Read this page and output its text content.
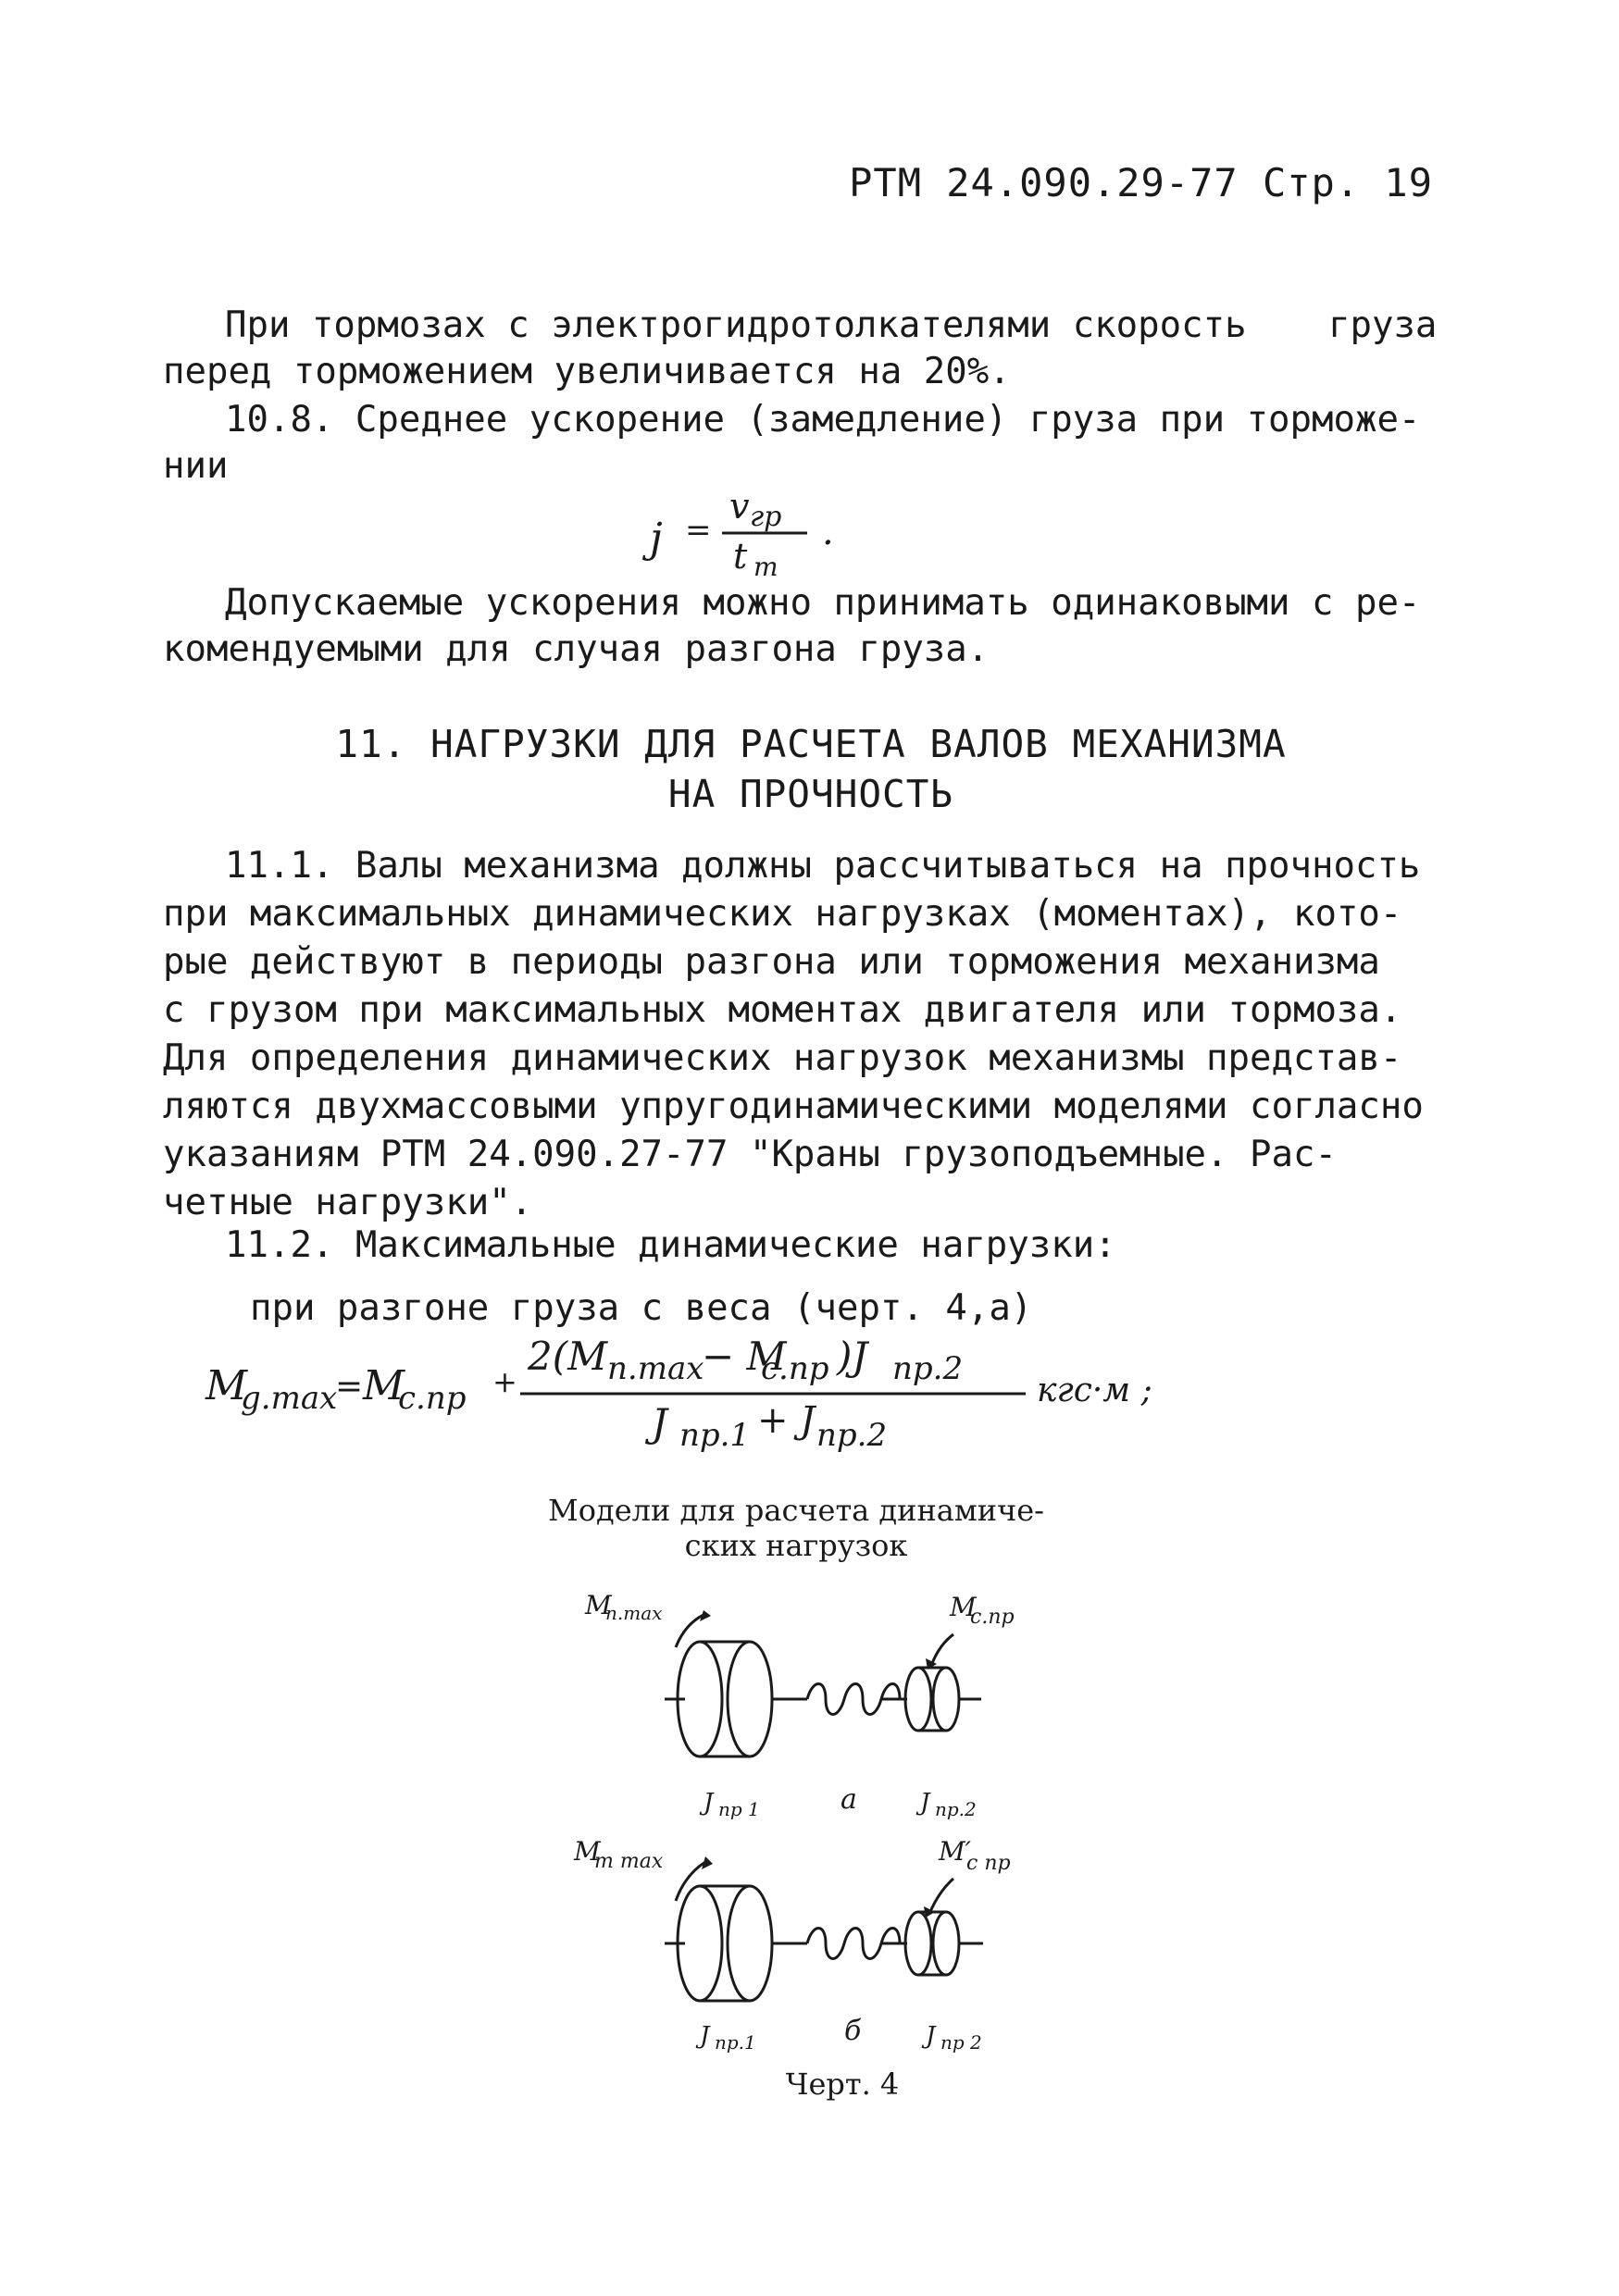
РТМ 24.090.29-77 Стр. 19
При тормозах с электрогидротолкателями скорость груза
перед торможением увеличивается на 20%.
10.8. Среднее ускорение (замедление) груза при торможе-
нии
j =
v гр
t т
.
Допускаемые ускорения можно принимать одинаковыми с ре-
комендуемыми для случая разгона груза.
11. НАГРУЗКИ ДЛЯ РАСЧЕТА ВАЛОВ МЕХАНИЗМА
НА ПРОЧНОСТЬ
11.1. Валы механизма должны рассчитываться на прочность
при максимальных динамических нагрузках (моментах), кото-
рые действуют в периоды разгона или торможения механизма
с грузом при максимальных моментах двигателя или тормоза.
Для определения динамических нагрузок механизмы представ-
ляются двухмассовыми упругодинамическими моделями согласно
указаниям РТМ 24.090.27-77 "Краны грузоподъемные. Рас-
четные нагрузки".
11.2. Максимальные динамические нагрузки:
при разгоне груза с веса (черт. 4,а)
M
g.max
= M
c.пр +
2(M п.max
− M
c.пр )J пр.2
J пр.1 + J пр.2
кгс·м ;
Модели для расчета динамиче-
ских нагрузок
M
п.max	M
c.пр
J пр 1	а	J пр.2
M
т max	M′
c пр
J пр.1	б	J пр 2
Черт. 4
